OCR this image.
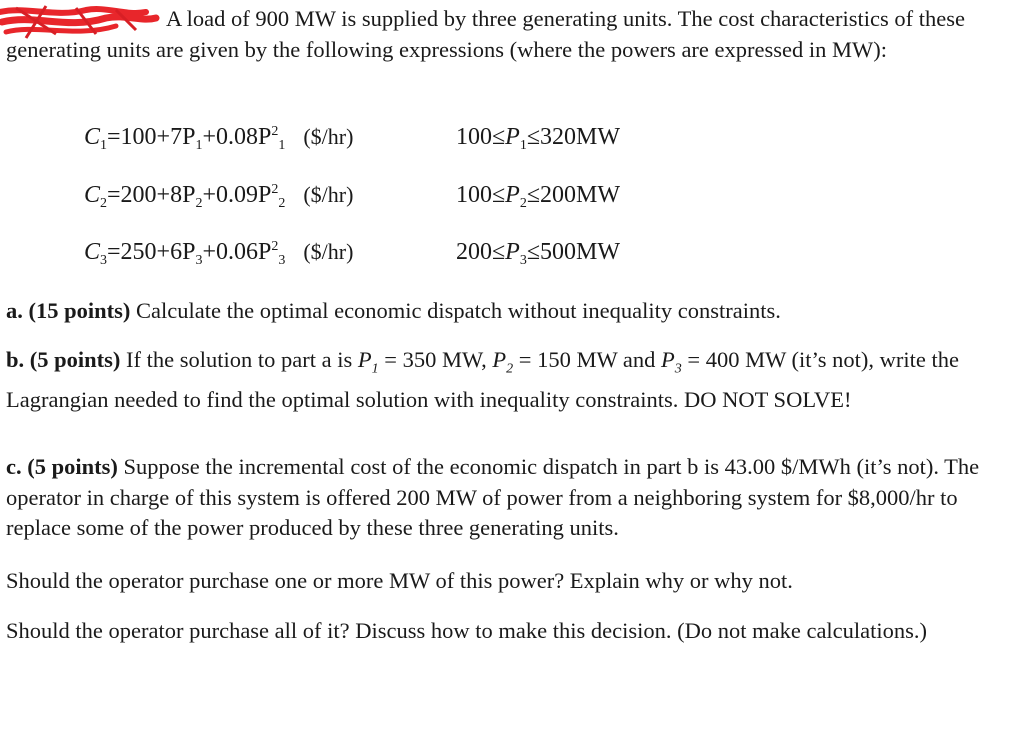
A load of 900 MW is supplied by three generating units. The cost characteristics of these generating units are given by the following expressions (where the powers are expressed in MW):

$C_1=100+7P_1+0.08P^2_1$ ($/hr)	$100\le P_1\le 320MW$
$C_2=200+8P_2+0.09P^2_2$ ($/hr)	$100\le P_2\le 200MW$
$C_3=250+6P_3+0.06P^2_3$ ($/hr)	$200\le P_3\le 500MW$

a. (15 points) Calculate the optimal economic dispatch without inequality constraints.

b. (5 points) If the solution to part a is $P_1 = 350$ MW, $P_2 = 150$ MW and $P_3 = 400$ MW (it’s not), write the Lagrangian needed to find the optimal solution with inequality constraints. DO NOT SOLVE!

c. (5 points) Suppose the incremental cost of the economic dispatch in part b is 43.00 $/MWh (it’s not). The operator in charge of this system is offered 200 MW of power from a neighboring system for $8,000/hr to replace some of the power produced by these three generating units.

Should the operator purchase one or more MW of this power? Explain why or why not.

Should the operator purchase all of it? Discuss how to make this decision. (Do not make calculations.)
